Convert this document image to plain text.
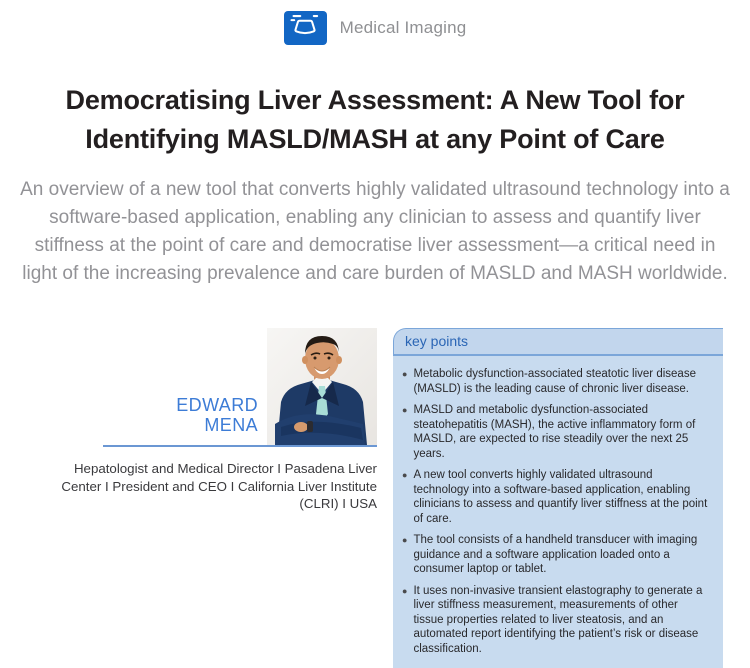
Medical Imaging
Democratising Liver Assessment: A New Tool for
Identifying MASLD/MASH at any Point of Care

An overview of a new tool that converts highly validated ultrasound technology into a software-based application, enabling any clinician to assess and quantify liver stiffness at the point of care and democratise liver assessment—a critical need in light of the increasing prevalence and care burden of MASLD and MASH worldwide.

EDWARD
MENA

Hepatologist and Medical Director I Pasadena Liver Center I President and CEO I California Liver Institute (CLRI) I USA

key points
● Metabolic dysfunction-associated steatotic liver disease (MASLD) is the leading cause of chronic liver disease.
● MASLD and metabolic dysfunction-associated steatohepatitis (MASH), the active inflammatory form of MASLD, are expected to rise steadily over the next 25 years.
● A new tool converts highly validated ultrasound technology into a software-based application, enabling clinicians to assess and quantify liver stiffness at the point of care.
● The tool consists of a handheld transducer with imaging guidance and a software application loaded onto a consumer laptop or tablet.
● It uses non-invasive transient elastography to generate a liver stiffness measurement, measurements of other tissue properties related to liver steatosis, and an automated report identifying the patient’s risk or disease classification.
